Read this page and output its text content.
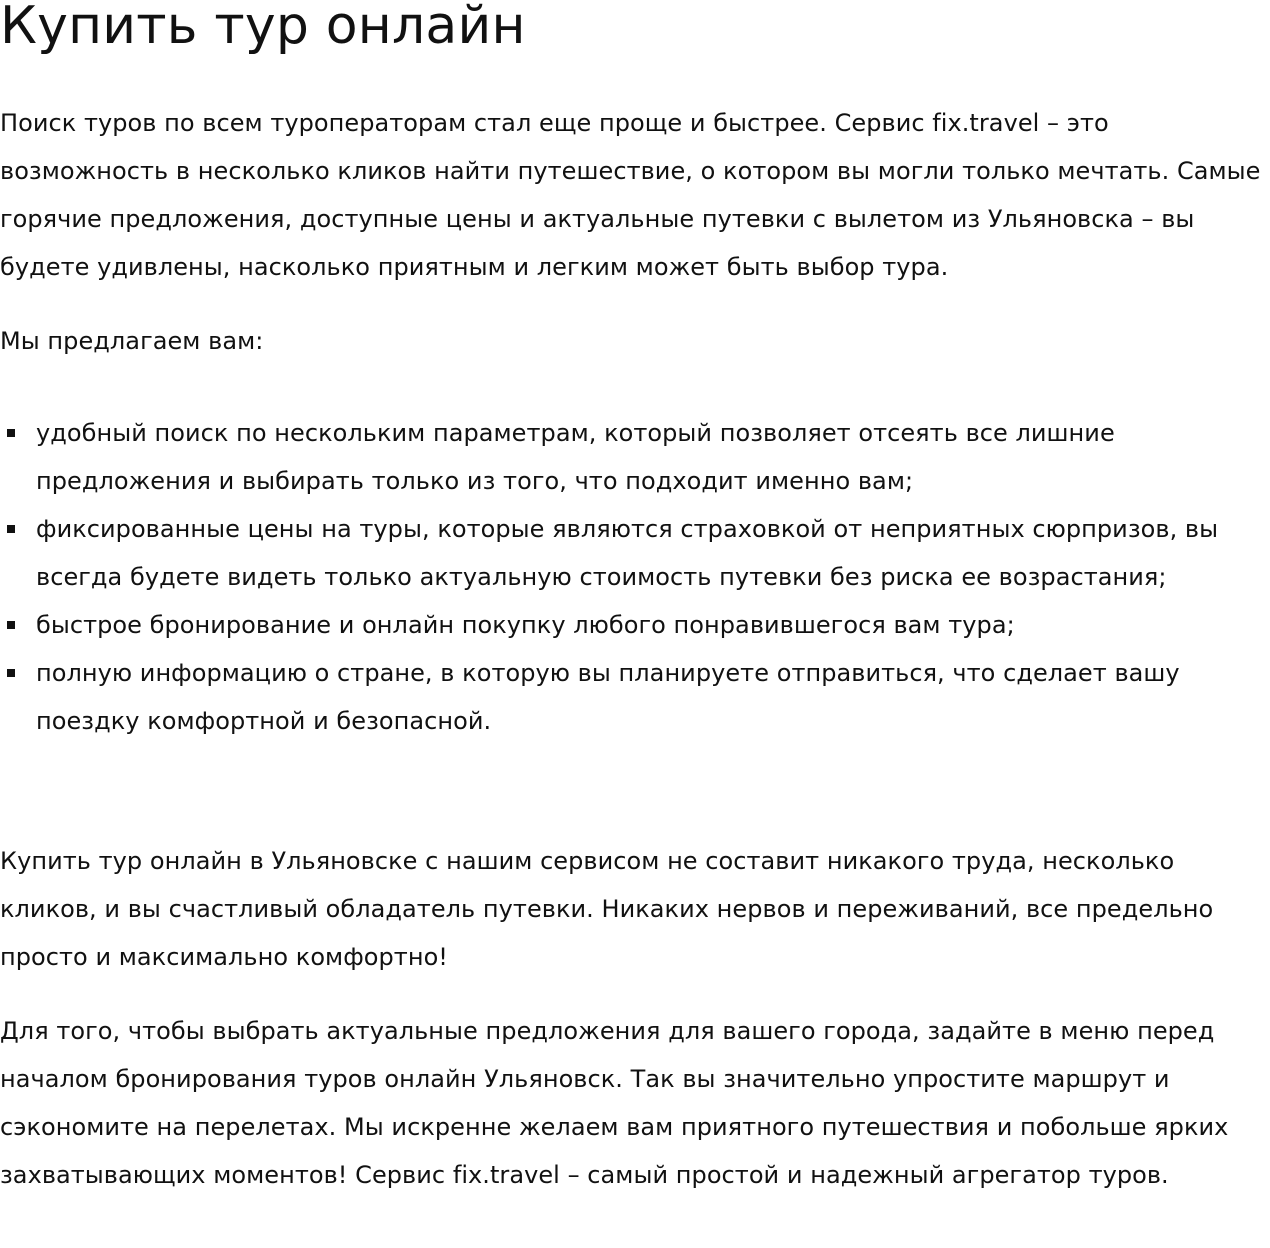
Купить тур онлайн

Поиск туров по всем туроператорам стал еще проще и быстрее. Сервис fix.travel – это возможность в несколько кликов найти путешествие, о котором вы могли только мечтать. Самые горячие предложения, доступные цены и актуальные путевки с вылетом из Ульяновска – вы будете удивлены, насколько приятным и легким может быть выбор тура.

Мы предлагаем вам:

удобный поиск по нескольким параметрам, который позволяет отсеять все лишние предложения и выбирать только из того, что подходит именно вам;
фиксированные цены на туры, которые являются страховкой от неприятных сюрпризов, вы всегда будете видеть только актуальную стоимость путевки без риска ее возрастания;
быстрое бронирование и онлайн покупку любого понравившегося вам тура;
полную информацию о стране, в которую вы планируете отправиться, что сделает вашу поездку комфортной и безопасной.

Купить тур онлайн в Ульяновске с нашим сервисом не составит никакого труда, несколько кликов, и вы счастливый обладатель путевки. Никаких нервов и переживаний, все предельно просто и максимально комфортно!

Для того, чтобы выбрать актуальные предложения для вашего города, задайте в меню перед началом бронирования туров онлайн Ульяновск. Так вы значительно упростите маршрут и сэкономите на перелетах. Мы искренне желаем вам приятного путешествия и побольше ярких захватывающих моментов! Сервис fix.travel – самый простой и надежный агрегатор туров.
